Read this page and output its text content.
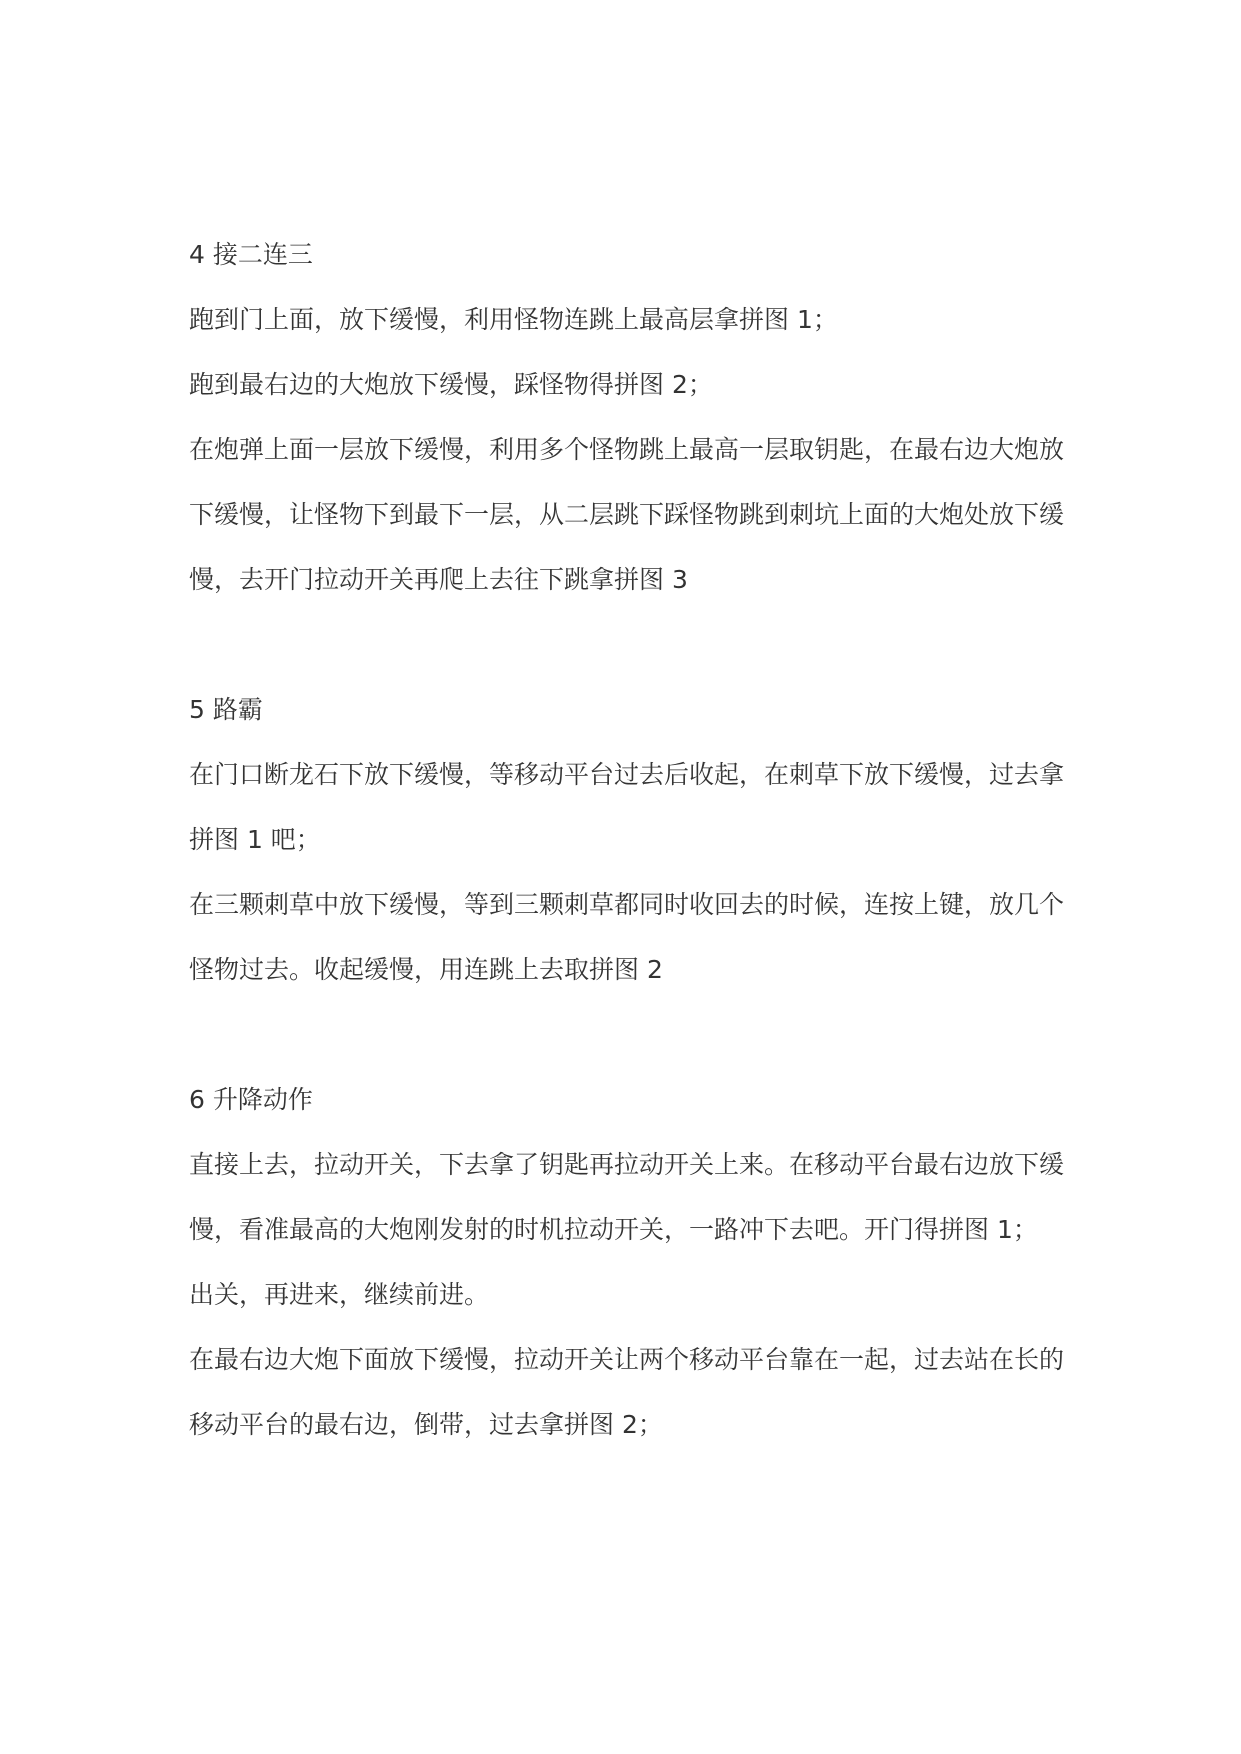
4 接二连三

跑到门上面，放下缓慢，利用怪物连跳上最高层拿拼图 1；

跑到最右边的大炮放下缓慢，踩怪物得拼图 2；

在炮弹上面一层放下缓慢，利用多个怪物跳上最高一层取钥匙，在最右边大炮放下缓慢，让怪物下到最下一层，从二层跳下踩怪物跳到刺坑上面的大炮处放下缓慢，去开门拉动开关再爬上去往下跳拿拼图 3

5 路霸

在门口断龙石下放下缓慢，等移动平台过去后收起，在刺草下放下缓慢，过去拿拼图 1 吧；

在三颗刺草中放下缓慢，等到三颗刺草都同时收回去的时候，连按上键，放几个怪物过去。收起缓慢，用连跳上去取拼图 2

6 升降动作

直接上去，拉动开关，下去拿了钥匙再拉动开关上来。在移动平台最右边放下缓慢，看准最高的大炮刚发射的时机拉动开关，一路冲下去吧。开门得拼图 1；

出关，再进来，继续前进。

在最右边大炮下面放下缓慢，拉动开关让两个移动平台靠在一起，过去站在长的移动平台的最右边，倒带，过去拿拼图 2；
